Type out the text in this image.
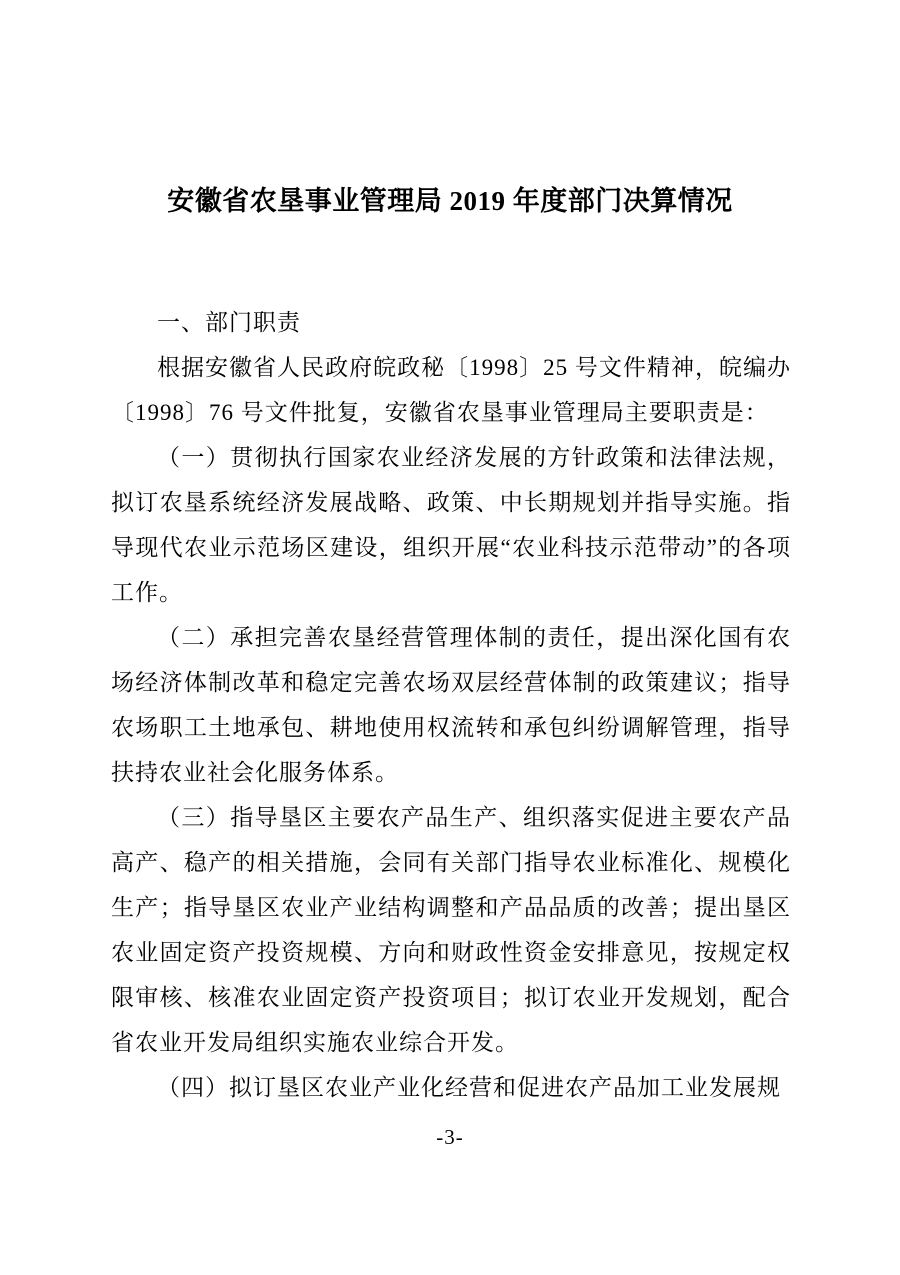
安徽省农垦事业管理局 2019 年度部门决算情况

一、部门职责

根据安徽省人民政府皖政秘〔1998〕25 号文件精神，皖编办〔1998〕76 号文件批复，安徽省农垦事业管理局主要职责是：

（一）贯彻执行国家农业经济发展的方针政策和法律法规，拟订农垦系统经济发展战略、政策、中长期规划并指导实施。指导现代农业示范场区建设，组织开展“农业科技示范带动”的各项工作。

（二）承担完善农垦经营管理体制的责任，提出深化国有农场经济体制改革和稳定完善农场双层经营体制的政策建议；指导农场职工土地承包、耕地使用权流转和承包纠纷调解管理，指导扶持农业社会化服务体系。

（三）指导垦区主要农产品生产、组织落实促进主要农产品高产、稳产的相关措施，会同有关部门指导农业标准化、规模化生产；指导垦区农业产业结构调整和产品品质的改善；提出垦区农业固定资产投资规模、方向和财政性资金安排意见，按规定权限审核、核准农业固定资产投资项目；拟订农业开发规划，配合省农业开发局组织实施农业综合开发。

（四）拟订垦区农业产业化经营和促进农产品加工业发展规

-3-
